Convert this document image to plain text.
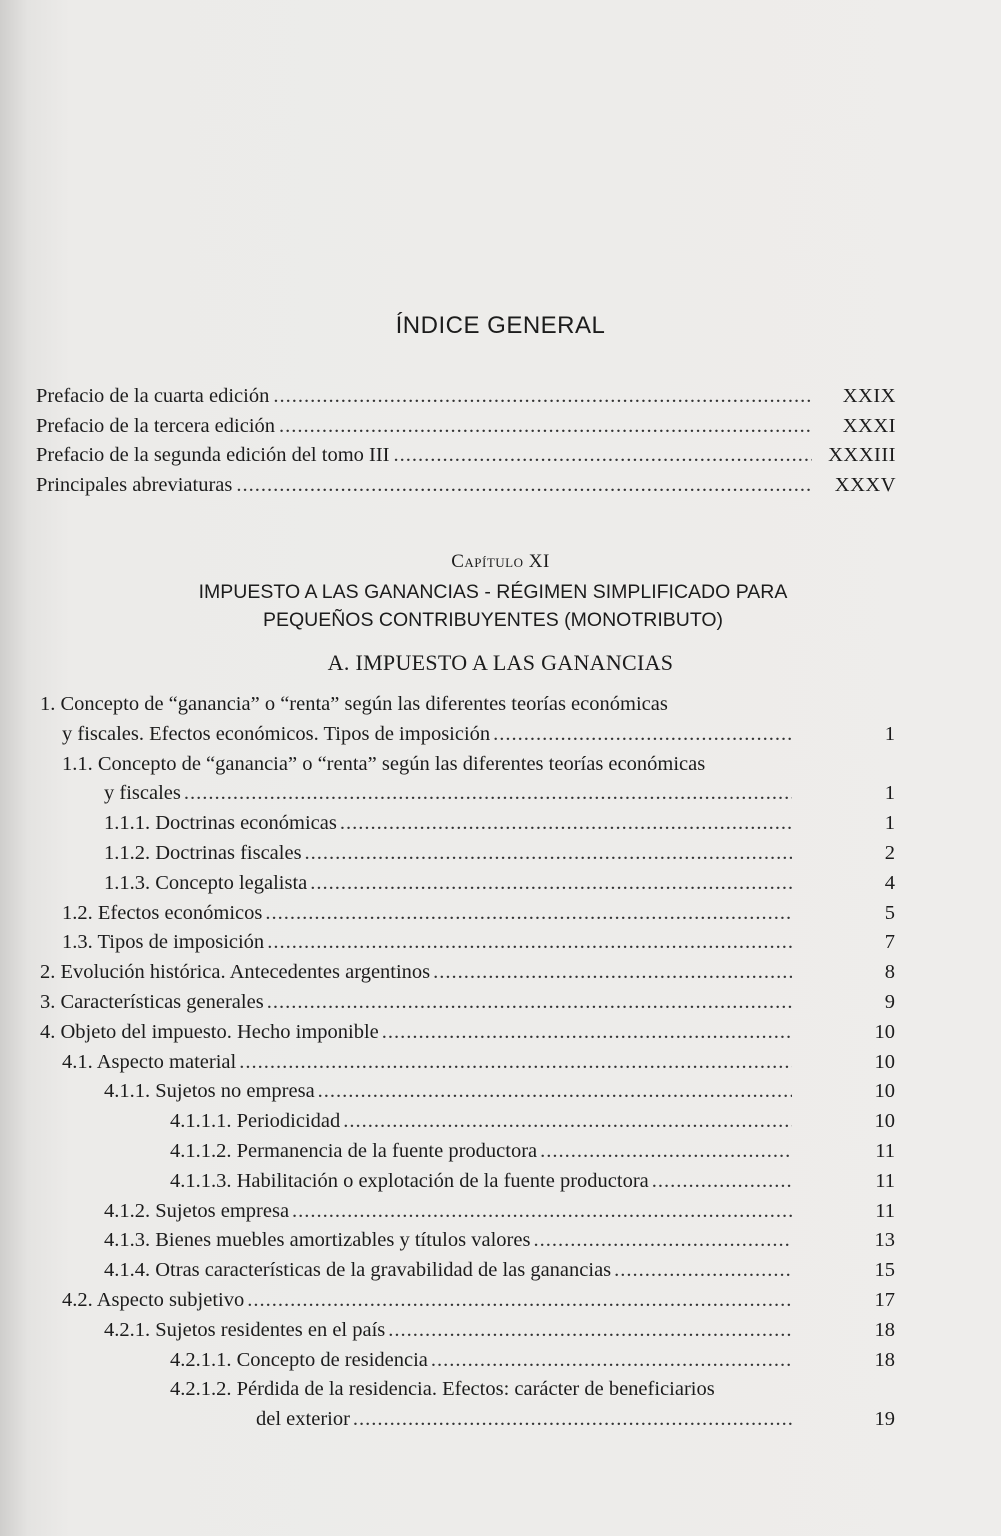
ÍNDICE GENERAL
Prefacio de la cuarta edición .....	XXIX
Prefacio de la tercera edición .....	XXXI
Prefacio de la segunda edición del tomo III .....	XXXIII
Principales abreviaturas .....	XXXV
Capítulo XI
IMPUESTO A LAS GANANCIAS - RÉGIMEN SIMPLIFICADO PARA
PEQUEÑOS CONTRIBUYENTES (MONOTRIBUTO)
A. IMPUESTO A LAS GANANCIAS
1. Concepto de “ganancia” o “renta” según las diferentes teorías económicas
y fiscales. Efectos económicos. Tipos de imposición .....	1
1.1. Concepto de “ganancia” o “renta” según las diferentes teorías económicas
y fiscales .....	1
1.1.1. Doctrinas económicas .....	1
1.1.2. Doctrinas fiscales .....	2
1.1.3. Concepto legalista .....	4
1.2. Efectos económicos .....	5
1.3. Tipos de imposición .....	7
2. Evolución histórica. Antecedentes argentinos .....	8
3. Características generales .....	9
4. Objeto del impuesto. Hecho imponible .....	10
4.1. Aspecto material .....	10
4.1.1. Sujetos no empresa .....	10
4.1.1.1. Periodicidad .....	10
4.1.1.2. Permanencia de la fuente productora .....	11
4.1.1.3. Habilitación o explotación de la fuente productora .....	11
4.1.2. Sujetos empresa .....	11
4.1.3. Bienes muebles amortizables y títulos valores .....	13
4.1.4. Otras características de la gravabilidad de las ganancias .....	15
4.2. Aspecto subjetivo .....	17
4.2.1. Sujetos residentes en el país .....	18
4.2.1.1. Concepto de residencia .....	18
4.2.1.2. Pérdida de la residencia. Efectos: carácter de beneficiarios
del exterior .....	19
